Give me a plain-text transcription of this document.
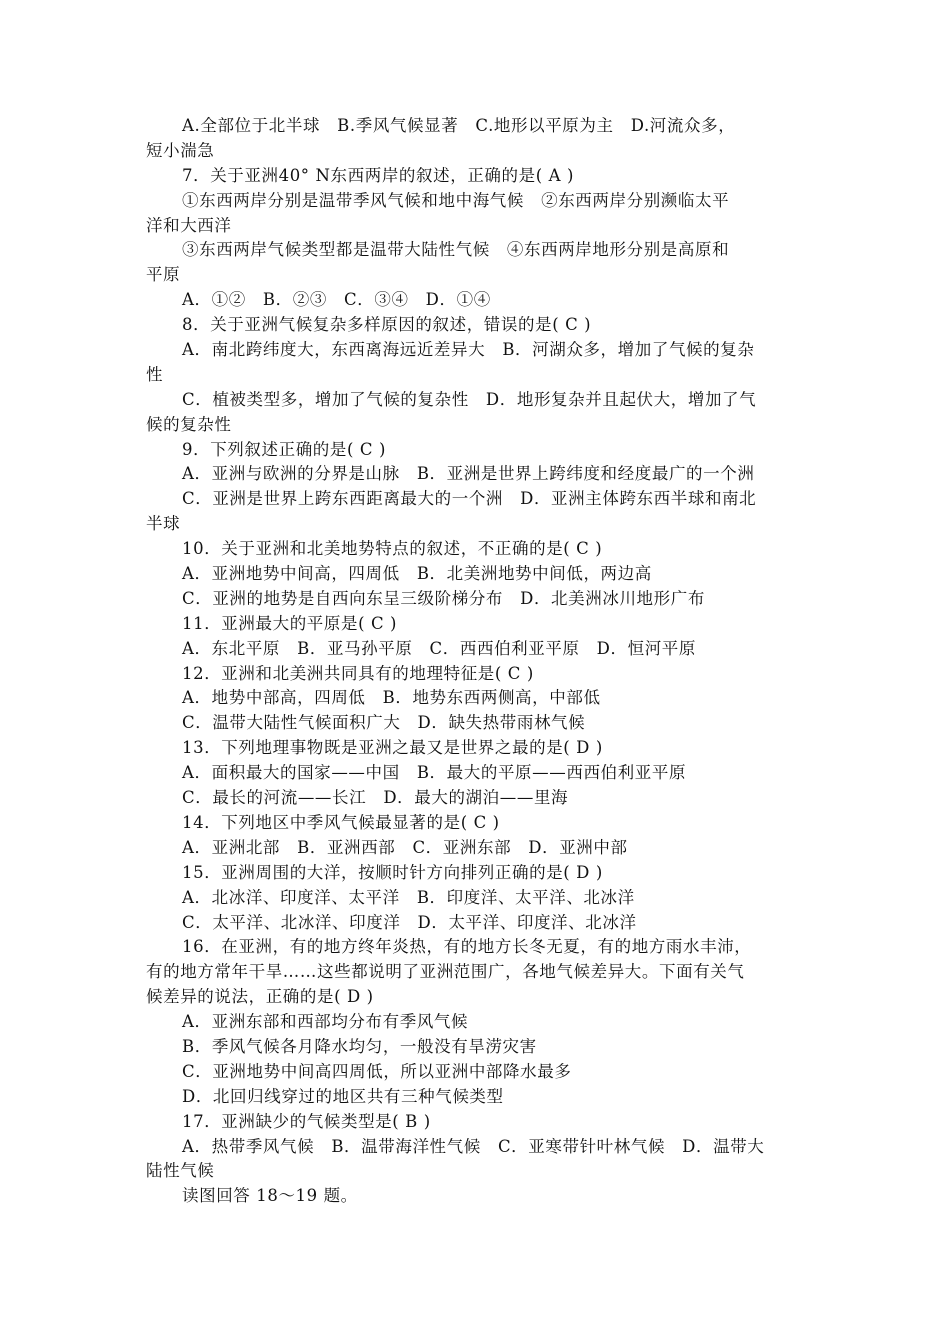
A.全部位于北半球　B.季风气候显著　C.地形以平原为主　D.河流众多，
短小湍急
7．关于亚洲40° N东西两岸的叙述，正确的是( A )
①东西两岸分别是温带季风气候和地中海气候　②东西两岸分别濒临太平
洋和大西洋
③东西两岸气候类型都是温带大陆性气候　④东西两岸地形分别是高原和
平原
A．①②　B．②③　C．③④　D．①④
8．关于亚洲气候复杂多样原因的叙述，错误的是( C )
A．南北跨纬度大，东西离海远近差异大　B．河湖众多，增加了气候的复杂
性
C．植被类型多，增加了气候的复杂性　D．地形复杂并且起伏大，增加了气
候的复杂性
9．下列叙述正确的是( C )
A．亚洲与欧洲的分界是山脉　B．亚洲是世界上跨纬度和经度最广的一个洲
C．亚洲是世界上跨东西距离最大的一个洲　D．亚洲主体跨东西半球和南北
半球
10．关于亚洲和北美地势特点的叙述，不正确的是( C )
A．亚洲地势中间高，四周低　B．北美洲地势中间低，两边高
C．亚洲的地势是自西向东呈三级阶梯分布　D．北美洲冰川地形广布
11．亚洲最大的平原是( C )
A．东北平原　B．亚马孙平原　C．西西伯利亚平原　D．恒河平原
12．亚洲和北美洲共同具有的地理特征是( C )
A．地势中部高，四周低　B．地势东西两侧高，中部低
C．温带大陆性气候面积广大　D．缺失热带雨林气候
13．下列地理事物既是亚洲之最又是世界之最的是( D )
A．面积最大的国家——中国　B．最大的平原——西西伯利亚平原
C．最长的河流——长江　D．最大的湖泊——里海
14．下列地区中季风气候最显著的是( C )
A．亚洲北部　B．亚洲西部　C．亚洲东部　D．亚洲中部
15．亚洲周围的大洋，按顺时针方向排列正确的是( D )
A．北冰洋、印度洋、太平洋　B．印度洋、太平洋、北冰洋
C．太平洋、北冰洋、印度洋　D．太平洋、印度洋、北冰洋
16．在亚洲，有的地方终年炎热，有的地方长冬无夏，有的地方雨水丰沛，
有的地方常年干旱……这些都说明了亚洲范围广，各地气候差异大。下面有关气
候差异的说法，正确的是( D )
A．亚洲东部和西部均分布有季风气候
B．季风气候各月降水均匀，一般没有旱涝灾害
C．亚洲地势中间高四周低，所以亚洲中部降水最多
D．北回归线穿过的地区共有三种气候类型
17．亚洲缺少的气候类型是( B )
A．热带季风气候　B．温带海洋性气候　C．亚寒带针叶林气候　D．温带大
陆性气候
读图回答 18～19 题。
